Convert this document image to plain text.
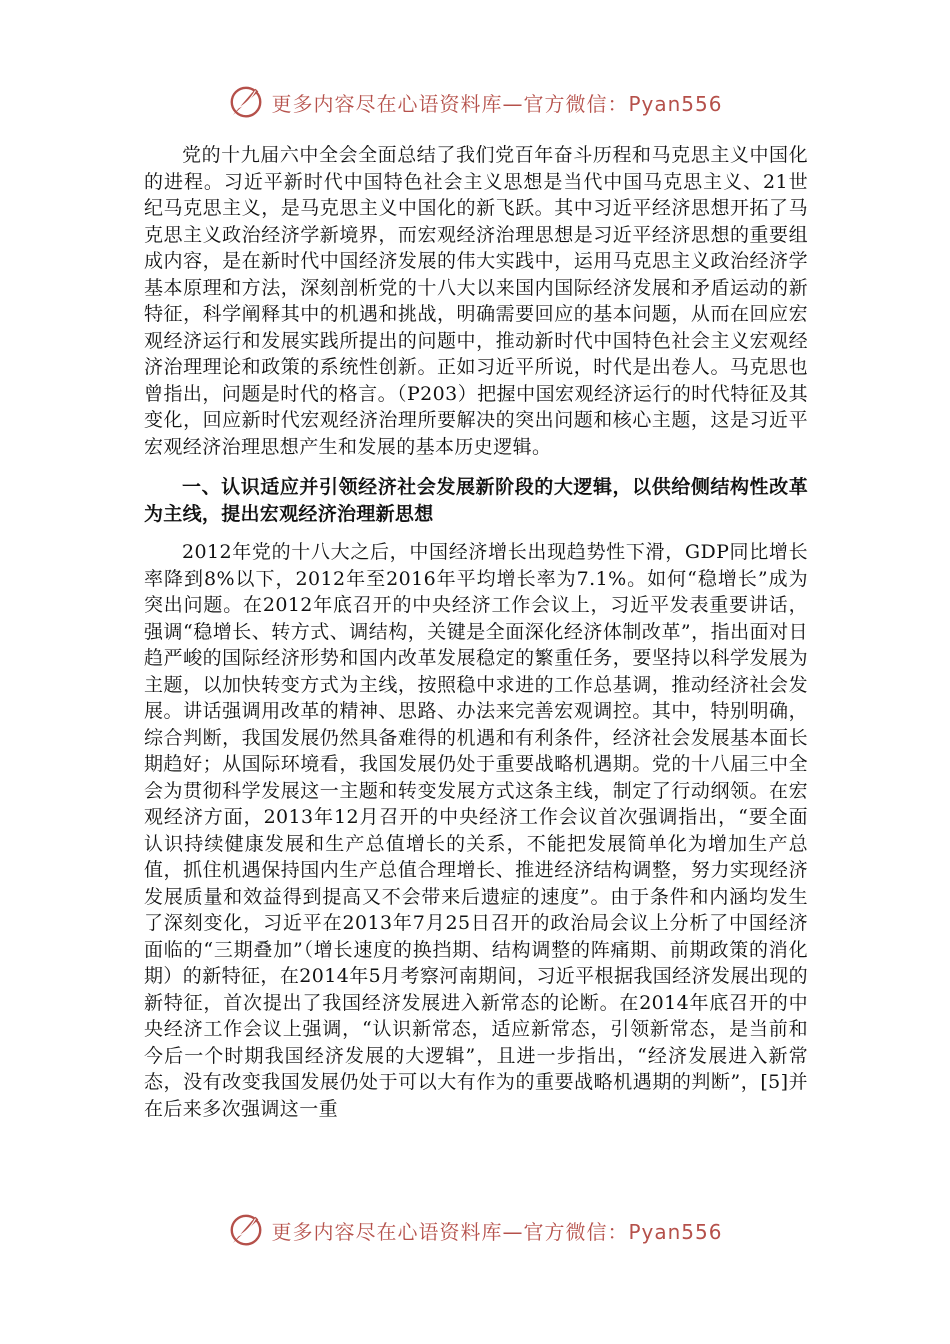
更多内容尽在心语资料库—官方微信：Pyan556

党的十九届六中全会全面总结了我们党百年奋斗历程和马克思主义中国化的进程。习近平新时代中国特色社会主义思想是当代中国马克思主义、21世纪马克思主义，是马克思主义中国化的新飞跃。其中习近平经济思想开拓了马克思主义政治经济学新境界，而宏观经济治理思想是习近平经济思想的重要组成内容，是在新时代中国经济发展的伟大实践中，运用马克思主义政治经济学基本原理和方法，深刻剖析党的十八大以来国内国际经济发展和矛盾运动的新特征，科学阐释其中的机遇和挑战，明确需要回应的基本问题，从而在回应宏观经济运行和发展实践所提出的问题中，推动新时代中国特色社会主义宏观经济治理理论和政策的系统性创新。正如习近平所说，时代是出卷人。马克思也曾指出，问题是时代的格言。（P203）把握中国宏观经济运行的时代特征及其变化，回应新时代宏观经济治理所要解决的突出问题和核心主题，这是习近平宏观经济治理思想产生和发展的基本历史逻辑。

一、认识适应并引领经济社会发展新阶段的大逻辑，以供给侧结构性改革为主线，提出宏观经济治理新思想

2012年党的十八大之后，中国经济增长出现趋势性下滑，GDP同比增长率降到8%以下，2012年至2016年平均增长率为7.1%。如何“稳增长”成为突出问题。在2012年底召开的中央经济工作会议上，习近平发表重要讲话，强调“稳增长、转方式、调结构，关键是全面深化经济体制改革”，指出面对日趋严峻的国际经济形势和国内改革发展稳定的繁重任务，要坚持以科学发展为主题，以加快转变方式为主线，按照稳中求进的工作总基调，推动经济社会发展。讲话强调用改革的精神、思路、办法来完善宏观调控。其中，特别明确，综合判断，我国发展仍然具备难得的机遇和有利条件，经济社会发展基本面长期趋好；从国际环境看，我国发展仍处于重要战略机遇期。党的十八届三中全会为贯彻科学发展这一主题和转变发展方式这条主线，制定了行动纲领。在宏观经济方面，2013年12月召开的中央经济工作会议首次强调指出，“要全面认识持续健康发展和生产总值增长的关系，不能把发展简单化为增加生产总值，抓住机遇保持国内生产总值合理增长、推进经济结构调整，努力实现经济发展质量和效益得到提高又不会带来后遗症的速度”。由于条件和内涵均发生了深刻变化，习近平在2013年7月25日召开的政治局会议上分析了中国经济面临的“三期叠加”（增长速度的换挡期、结构调整的阵痛期、前期政策的消化期）的新特征，在2014年5月考察河南期间，习近平根据我国经济发展出现的新特征，首次提出了我国经济发展进入新常态的论断。在2014年底召开的中央经济工作会议上强调，“认识新常态，适应新常态，引领新常态，是当前和今后一个时期我国经济发展的大逻辑”，且进一步指出，“经济发展进入新常态，没有改变我国发展仍处于可以大有作为的重要战略机遇期的判断”，[5]并在后来多次强调这一重

更多内容尽在心语资料库—官方微信：Pyan556
